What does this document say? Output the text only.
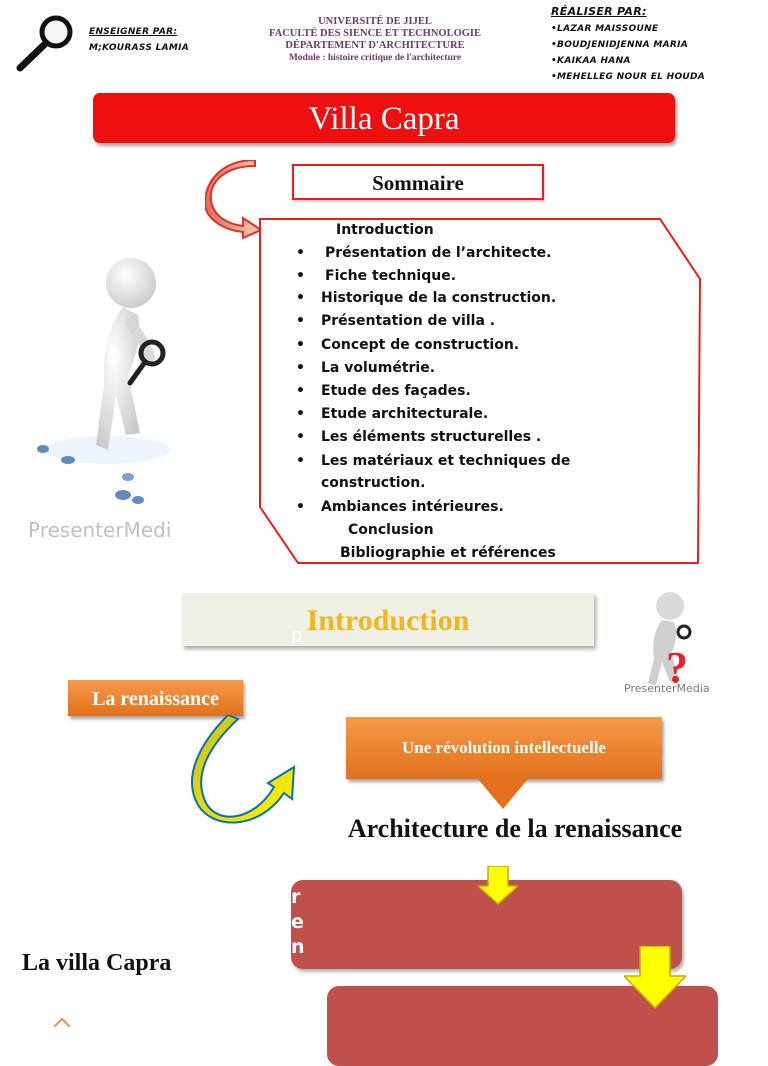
ENSEIGNER PAR:
M;KOURASS LAMIA
UNIVERSITÉ DE JIJEL
FACULTÉ DES SIENCE ET TECHNOLOGIE
DÉPARTEMENT D'ARCHITECTURE
Module : histoire critique de l'architecture
RÉALISER PAR:
•LAZAR MAISSOUNE
•BOUDJENIDJENNA MARIA
•KAIKAA HANA
•MEHELLEG NOUR EL HOUDA
Villa Capra
Sommaire
Introduction
• Présentation de l’architecte.
• Fiche technique.
• Historique de la construction.
• Présentation de villa .
• Concept de construction.
• La volumétrie.
• Etude des façades.
• Etude architecturale.
• Les éléments structurelles .
• Les matériaux et techniques de
construction.
• Ambiances intérieures.
Conclusion
Bibliographie et références
PresenterMedi
Introduction
p
?
PresenterMedia
La renaissance
Une révolution intellectuelle
Architecture de la renaissance
r e n
La villa Capra
